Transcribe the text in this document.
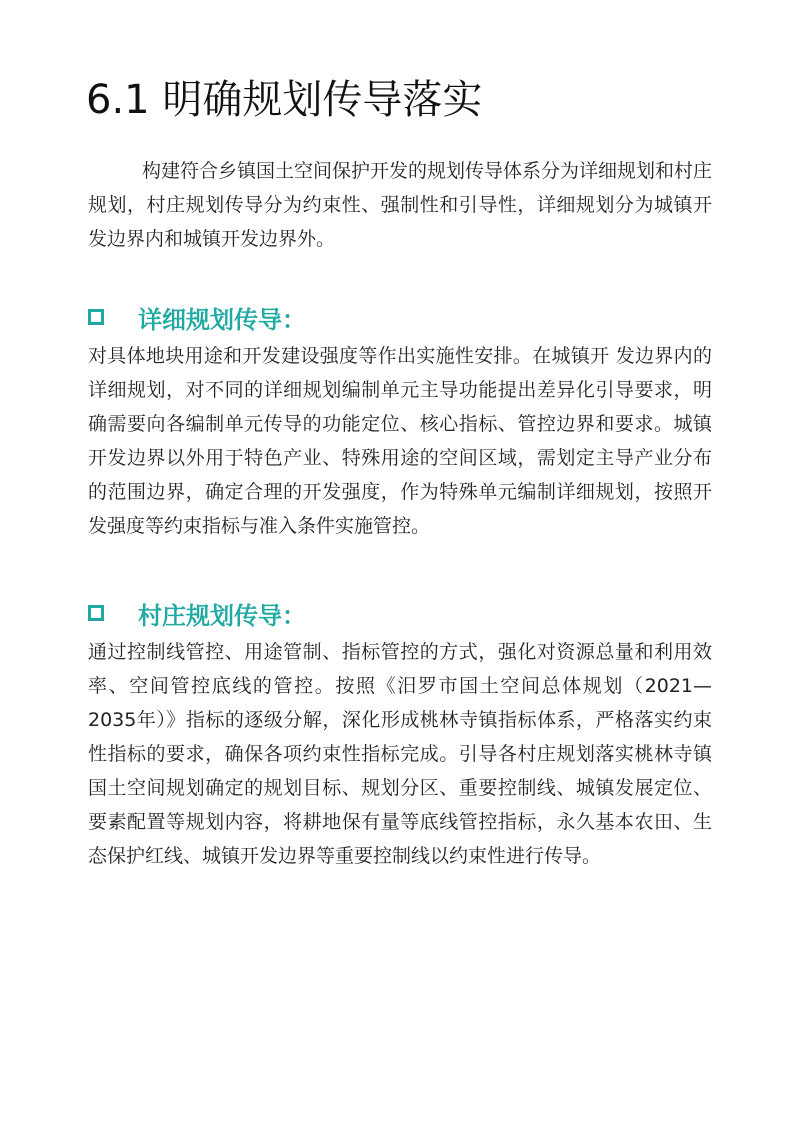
6.1 明确规划传导落实

构建符合乡镇国土空间保护开发的规划传导体系分为详细规划和村庄规划，村庄规划传导分为约束性、强制性和引导性，详细规划分为城镇开发边界内和城镇开发边界外。

详细规划传导：

对具体地块用途和开发建设强度等作出实施性安排。在城镇开 发边界内的详细规划，对不同的详细规划编制单元主导功能提出差异化引导要求，明确需要向各编制单元传导的功能定位、核心指标、管控边界和要求。城镇开发边界以外用于特色产业、特殊用途的空间区域，需划定主导产业分布的范围边界，确定合理的开发强度，作为特殊单元编制详细规划，按照开发强度等约束指标与准入条件实施管控。

村庄规划传导：

通过控制线管控、用途管制、指标管控的方式，强化对资源总量和利用效率、空间管控底线的管控。按照《汨罗市国土空间总体规划（2021—2035年）》指标的逐级分解，深化形成桃林寺镇指标体系，严格落实约束性指标的要求，确保各项约束性指标完成。引导各村庄规划落实桃林寺镇国土空间规划确定的规划目标、规划分区、重要控制线、城镇发展定位、要素配置等规划内容，将耕地保有量等底线管控指标，永久基本农田、生态保护红线、城镇开发边界等重要控制线以约束性进行传导。
